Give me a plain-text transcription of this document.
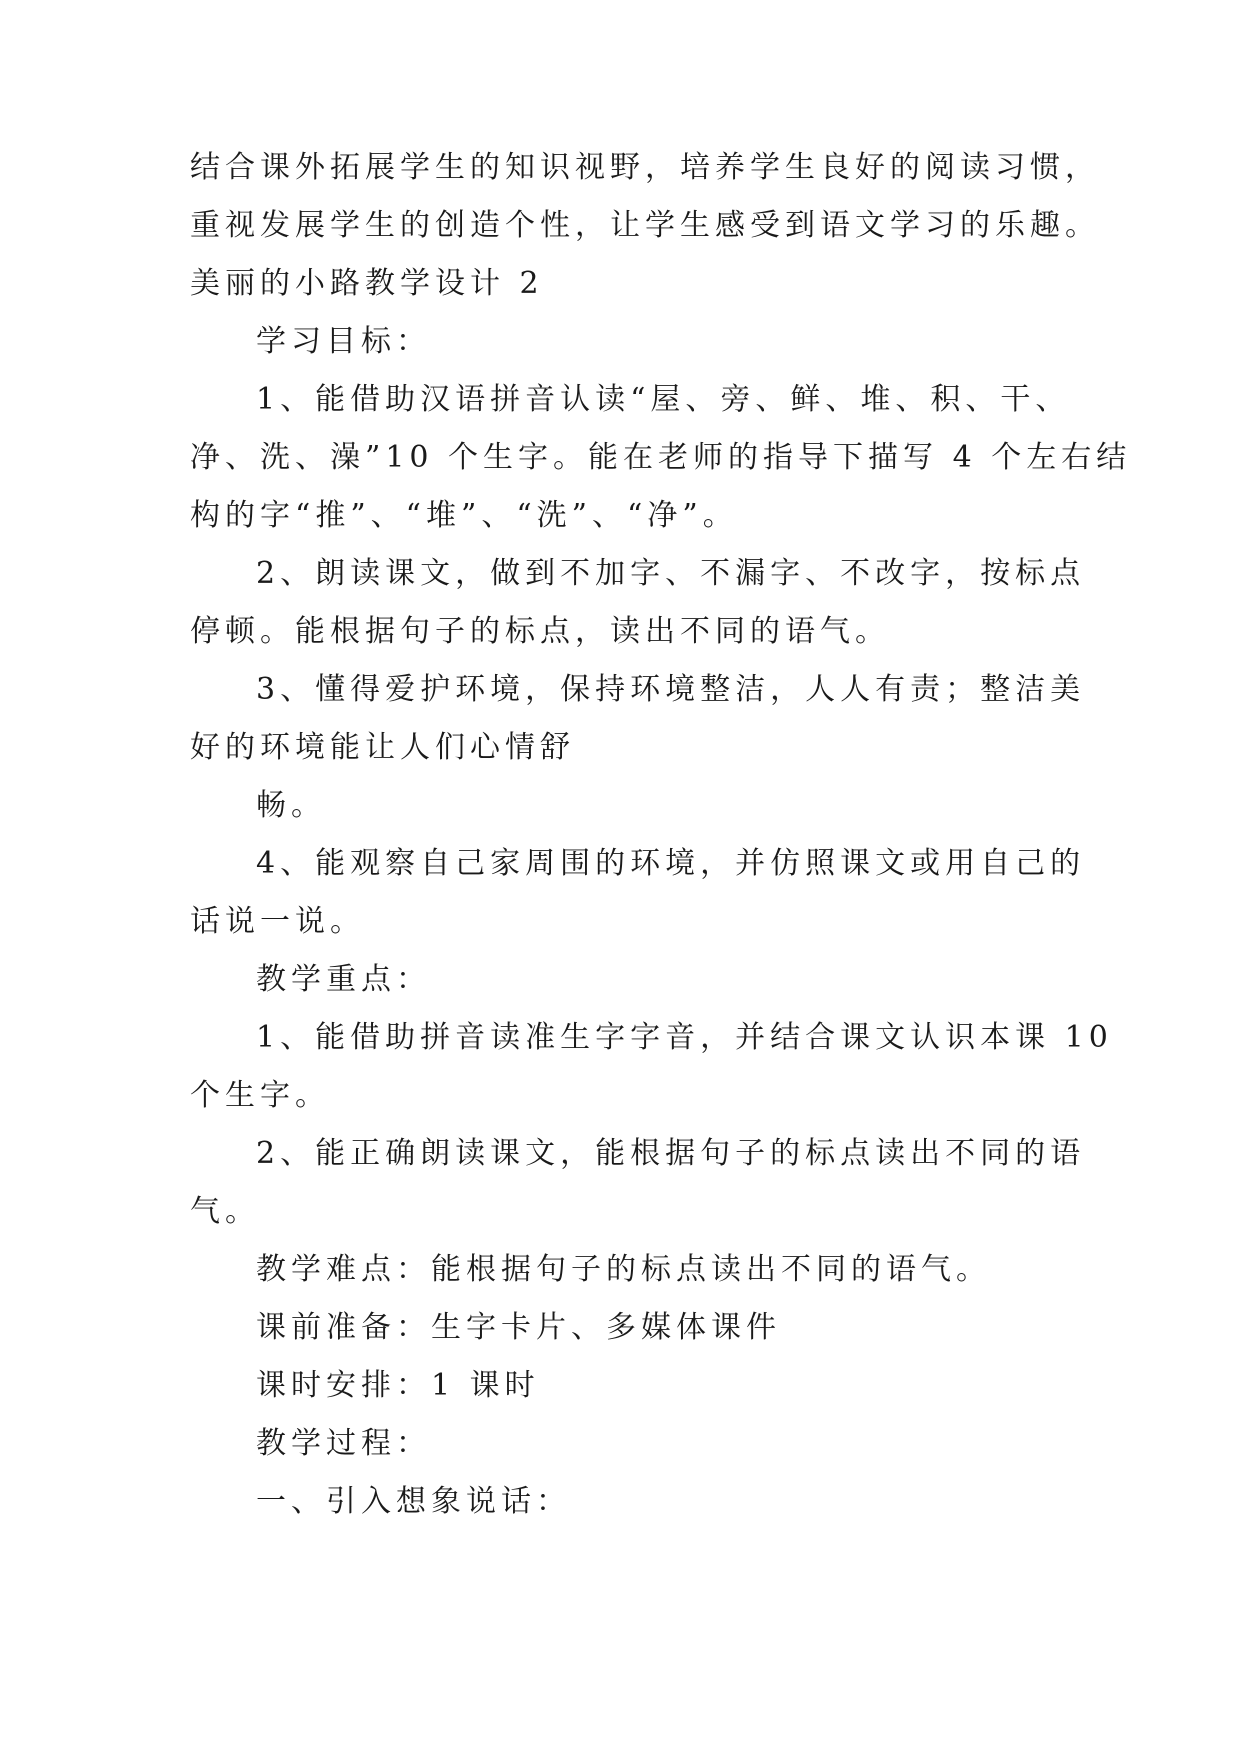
结合课外拓展学生的知识视野，培养学生良好的阅读习惯，
重视发展学生的创造个性，让学生感受到语文学习的乐趣。
美丽的小路教学设计 2
学习目标：
1、能借助汉语拼音认读“屋、旁、鲜、堆、积、干、
净、洗、澡”10 个生字。能在老师的指导下描写 4 个左右结
构的字“推”、“堆”、“洗”、“净”。
2、朗读课文，做到不加字、不漏字、不改字，按标点
停顿。能根据句子的标点，读出不同的语气。
3、懂得爱护环境，保持环境整洁，人人有责；整洁美
好的环境能让人们心情舒
畅。
4、能观察自己家周围的环境，并仿照课文或用自己的
话说一说。
教学重点：
1、能借助拼音读准生字字音，并结合课文认识本课 10
个生字。
2、能正确朗读课文，能根据句子的标点读出不同的语
气。
教学难点：能根据句子的标点读出不同的语气。
课前准备：生字卡片、多媒体课件
课时安排：1 课时
教学过程：
一、引入想象说话：
